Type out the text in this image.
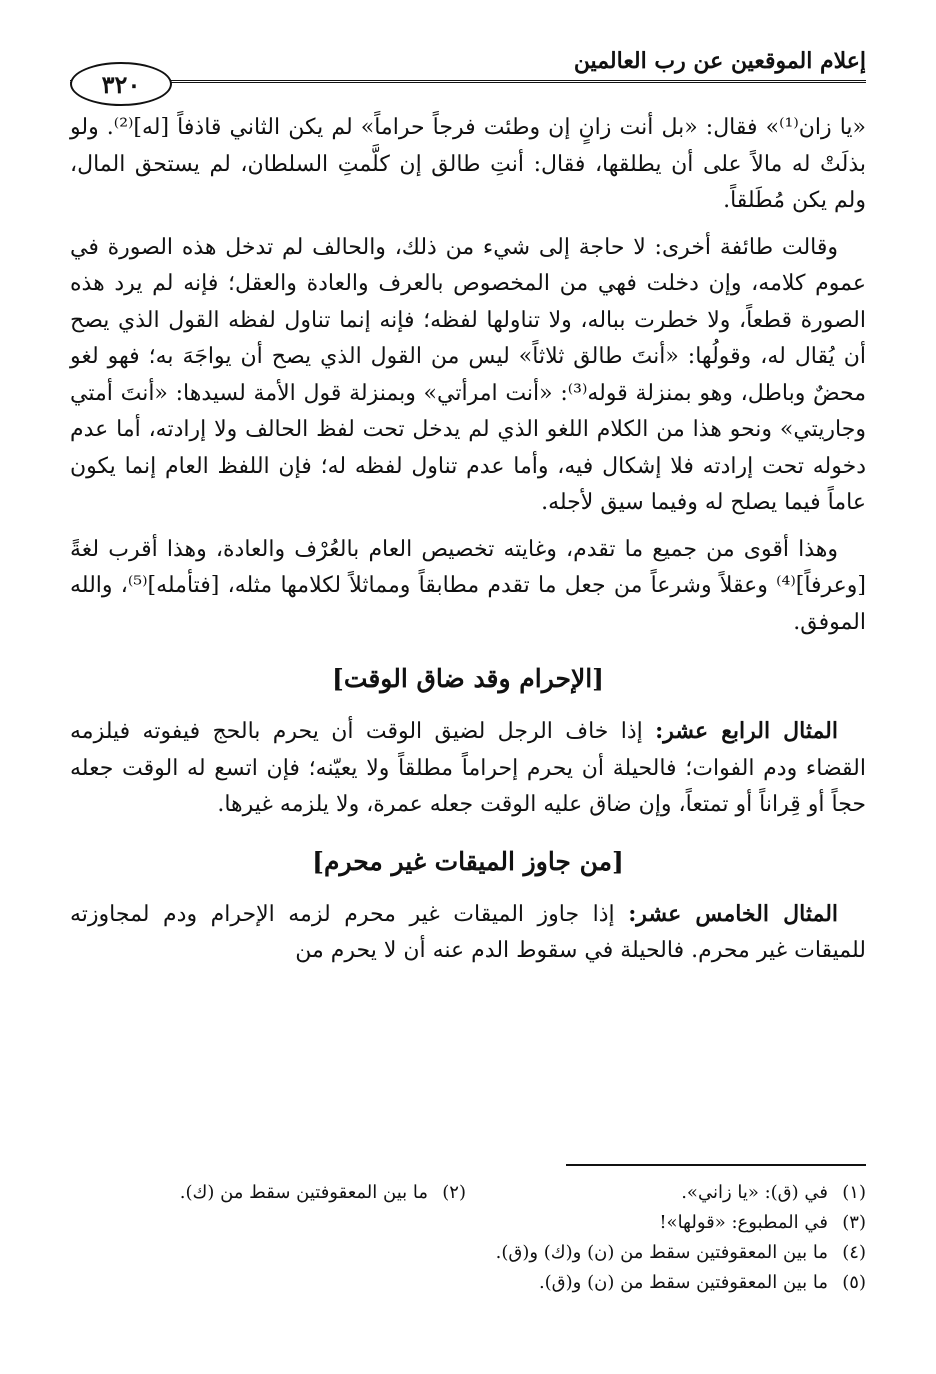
إعلام الموقعين عن رب العالمين
٣٢٠

«يا زان⁽¹⁾» فقال: «بل أنت زانٍ إن وطئت فرجاً حراماً» لم يكن الثاني قاذفاً [له]⁽²⁾. ولو بذلَتْ له مالاً على أن يطلقها، فقال: أنتِ طالق إن كلَّمتِ السلطان، لم يستحق المال، ولم يكن مُطَلقاً.

وقالت طائفة أخرى: لا حاجة إلى شيء من ذلك، والحالف لم تدخل هذه الصورة في عموم كلامه، وإن دخلت فهي من المخصوص بالعرف والعادة والعقل؛ فإنه لم يرد هذه الصورة قطعاً، ولا خطرت بباله، ولا تناولها لفظه؛ فإنه إنما تناول لفظه القول الذي يصح أن يُقال له، وقولُها: «أنتَ طالق ثلاثاً» ليس من القول الذي يصح أن يواجَهَ به؛ فهو لغو محضٌ وباطل، وهو بمنزلة قوله⁽³⁾: «أنت امرأتي» وبمنزلة قول الأمة لسيدها: «أنتَ أمتي وجاريتي» ونحو هذا من الكلام اللغو الذي لم يدخل تحت لفظ الحالف ولا إرادته، أما عدم دخوله تحت إرادته فلا إشكال فيه، وأما عدم تناول لفظه له؛ فإن اللفظ العام إنما يكون عاماً فيما يصلح له وفيما سيق لأجله.

وهذا أقوى من جميع ما تقدم، وغايته تخصيص العام بالعُرْف والعادة، وهذا أقرب لغةً [وعرفاً]⁽⁴⁾ وعقلاً وشرعاً من جعل ما تقدم مطابقاً ومماثلاً لكلامها مثله، [فتأمله]⁽⁵⁾، والله الموفق.

[الإحرام وقد ضاق الوقت]

المثال الرابع عشر: إذا خاف الرجل لضيق الوقت أن يحرم بالحج فيفوته فيلزمه القضاء ودم الفوات؛ فالحيلة أن يحرم إحراماً مطلقاً ولا يعيّنه؛ فإن اتسع له الوقت جعله حجاً أو قِراناً أو تمتعاً، وإن ضاق عليه الوقت جعله عمرة، ولا يلزمه غيرها.

[من جاوز الميقات غير محرم]

المثال الخامس عشر: إذا جاوز الميقات غير محرم لزمه الإحرام ودم لمجاوزته للميقات غير محرم. فالحيلة في سقوط الدم عنه أن لا يحرم من

(١)في (ق): «يا زاني».

(٢)ما بين المعقوفتين سقط من (ك).

(٣)في المطبوع: «قولها»!

(٤)ما بين المعقوفتين سقط من (ن) و(ك) و(ق).

(٥)ما بين المعقوفتين سقط من (ن) و(ق).
